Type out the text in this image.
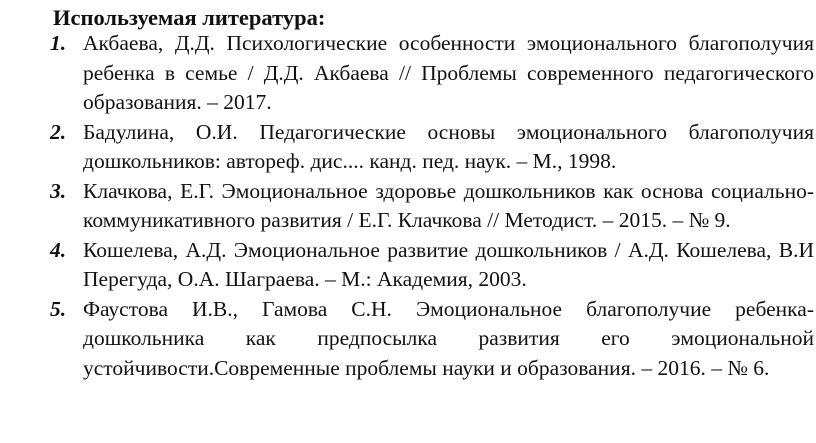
Используемая литература:
1. Акбаева, Д.Д. Психологические особенности эмоционального благополучия ребенка в семье / Д.Д. Акбаева // Проблемы современного педагогического образования. – 2017.
2. Бадулина, О.И. Педагогические основы эмоционального благополучия дошкольников: автореф. дис.... канд. пед. наук. – М., 1998.
3. Клачкова, Е.Г. Эмоциональное здоровье дошкольников как основа социально-коммуникативного развития / Е.Г. Клачкова // Методист. – 2015. – № 9.
4. Кошелева, А.Д. Эмоциональное развитие дошкольников / А.Д. Кошелева, В.И Перегуда, О.А. Шаграева. – М.: Академия, 2003.
5. Фаустова И.В., Гамова С.Н. Эмоциональное благополучие ребенка-дошкольника как предпосылка развития его эмоциональной устойчивости.Современные проблемы науки и образования. – 2016. – № 6.
